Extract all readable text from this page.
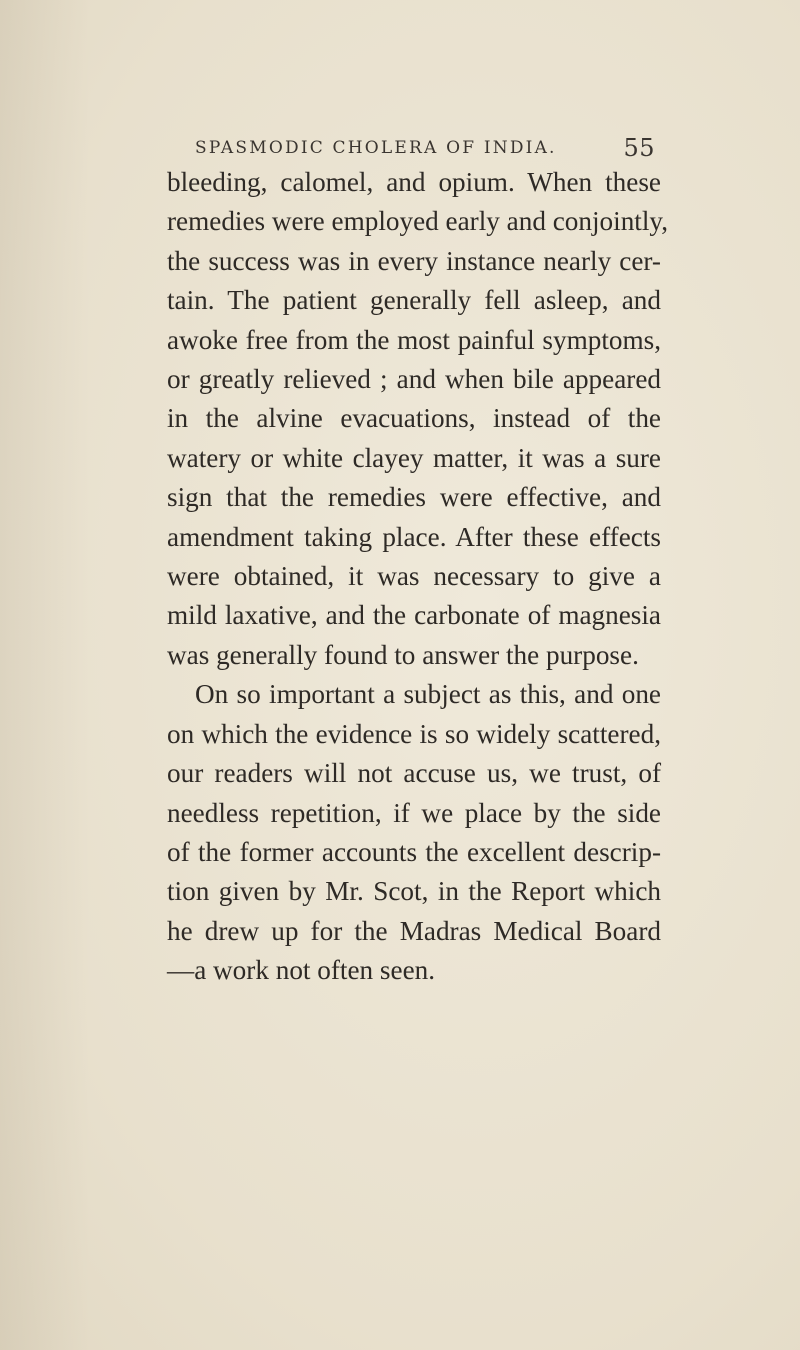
SPASMODIC CHOLERA OF INDIA.	55
bleeding, calomel, and opium. When these
remedies were employed early and conjointly,
the success was in every instance nearly cer-
tain. The patient generally fell asleep, and
awoke free from the most painful symptoms,
or greatly relieved ; and when bile appeared
in the alvine evacuations, instead of the
watery or white clayey matter, it was a sure
sign that the remedies were effective, and
amendment taking place. After these effects
were obtained, it was necessary to give a
mild laxative, and the carbonate of magnesia
was generally found to answer the purpose.
On so important a subject as this, and one
on which the evidence is so widely scattered,
our readers will not accuse us, we trust, of
needless repetition, if we place by the side
of the former accounts the excellent descrip-
tion given by Mr. Scot, in the Report which
he drew up for the Madras Medical Board
—a work not often seen.
